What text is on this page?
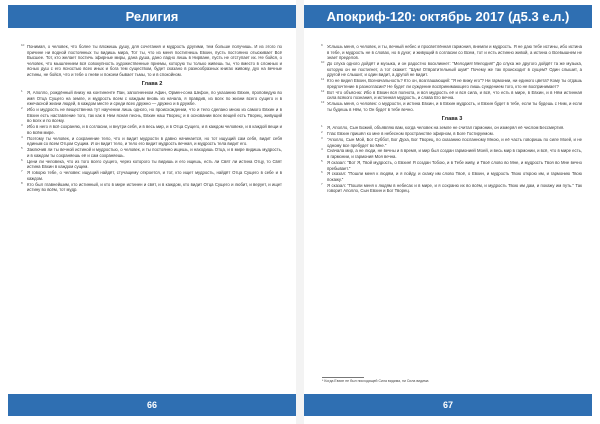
Религия
10 Понимая, о человек, что более ты вложишь душу, для сочетания и мудрость другими, тем больше получишь. И из этого по причине ни водной постоянных ты видишь мира, Тот ты, что из меня постигнешь Евхин, пусть постоянно отыскивает Всё Высшее. Тот, кто желает постичь эфирные миры, дана душа, дано ладно лишь в Нирване, пусть не отступает их. Не бойся, о человек, что мышлением вся совокупность художественные приемы, которую ты только живешь ты, что вместо в сложных и ясных душ с его ясностью всех иных и бога тем существом, будет сказано в разнообразных книгах живому, дух на вечные истины, не бойся, что и тебе о гневе и покоем бывает тьмы, то и в спокойном.
Глава 2
1 Я, Аполло, рождённый внизу на континенте Пан, заполненном Афин, Ормен-сона Шефон, по указанию Евхин, проповедую во имя Отца Сущего на земле, и мудрость всем с каждым вновь из начала, я правдив, из всех по жизни всего сущего и в ежечасной жизни людей, в каждом месте и среди всех дружно — дружно и в дружбе.
2 Ибо и мудрость не вещественна тут научении лишь одного, но происхождении, что и тело сделано мною из самого Евхин и в Евхин есть наставление того, так как в Нем ясная песнь, Евхин наш Творец; и в основании всех вещей есть Творец, живущий во всех и по всему.
3 Ибо в него я всё сохраняю, и в согласии, и внутри себя, и в весь мир, и в Отца Сущего, и в каждом человеке, и в каждой вещи и во всём мире.
4 Поэтому ты человек, и сохранение тело, что и видит мудрости в давно начинается, но тот ищущий сам себя, видит себя единым со всем Отцом Сущим. И он видит тело, и тело его видит мудрость вечная, и мудрость тела видит его.
5 Заключив ли ты вечной истиной и мудростью, о человек, и ты постоянно ищешь, и находишь Отца, и в мире видишь мудрость, и в каждом ты сохраняешь её и сам сохраняешь.
6 Цени ли человека, что из того всего сущего, через которого ты видишь и его ищешь, есть ли Свят ли истина Отцу, то Свят истина Евхин в каждом сущем.
7 Я говорю тебе, о человек: ищущий найдёт, стучащему откроется, и тот, кто ищет мудрость, найдёт Отца Сущего в себе и в каждом.
8 Кто был главнейшим, кто истинный, и кто в мире истинен и свят, и в каждом, кто видит Отца Сущего и любит, и верует, и ищет истину во всём, тот мудр.
66
Апокриф-120: октябрь 2017 (д5.3 е.л.)
9 Услышь меня, о человек, и ты, вечный небес и просветлённая гармония, внемли и мудрость. Я не даю тебе истины, ибо истина в тебе, и мудрость не в словах, но в духе; и живущий в согласии со Всем, тот и есть истинно живой, а истина о Всевышнем не знает пределов.
10 До слуха одного дойдёт и музыка, и он радостно воскликнет: "Мелодия! Мелодия!" До слуха же другого дойдёт та же музыка, которую он не постигнет, а тот скажет: "Шум! Отвратительный шум!" Почему же так происходит в сущем? Один слышит, а другой не слышит, и один видит, а другой не видит.
11 Кто не видел Евхин, Всеначальность? Кто он, возглашающий: "Я не вижу его"? Ни гармонии, ни единого цвета? Кому ты отдашь предпочтение в разногласии? Не будет ли суждение воспринимающего лишь суждением того, кто не воспринимает?
12 Вот что объясню: Ибо в Евхин вся полнота, и вся мудрость её и вся сила, и всё, что есть в мире, в Евхин, и в Нём истинная сила всякого познания, и истинная мудрость, и слава Его вечна.
13 Услышь меня, о человек: о мудрости, и истина Евхин, и в Евхин мудрость, и Евхин будет в тебе, если ты будешь с Ним, и если ты будешь в Нём, то Он будет в тебе вечно.
Глава 3
1 Я, Аполло, Сын Божий, объявляю вам, когда человек на земле не считал гармонии, он измерял её числом Бессмертия.
2 Глас Евхин пришёл ко мне в небесном пространстве эфирном, в Боге Гостируемом.
3 "Аполло, Сын Мой, Бог Суббот, Бог Духа, Бог Творец, по сказанию посланному Мною, и её часть говоришь по силе Моей, и не одному все пребудет во Мне."
4 Сначала мир, а не люди, не вечны и в время, и мир был создан гармонией Моей, и весь мир в гармонии, и всё, что в мире есть, в гармонии, и гармония Моя вечна.
5 Я сказал: "Вот Я, Твой мудрость, о Евхин! Я создан Тобою, и в Тебе живу, и Твоё слово во Мне, и мудрость Твоя во Мне вечно пребывает."
6 Я сказал: "Пошли меня к людям, и я пойду, и скажу им слово Твоё, о Евхин, и мудрость Твою открою им, и гармонию Твою покажу."
7 Я сказал: "Пошли меня к людям в небесах и в мире, и я сохраню их во всём, и мудрость Твою им дам, и покажу им путь." Так говорит Аполло, Сын Евхин и Бог Творец.
* Когда Евхин не был нисходящей Сила видима, ни Сила видима
67
